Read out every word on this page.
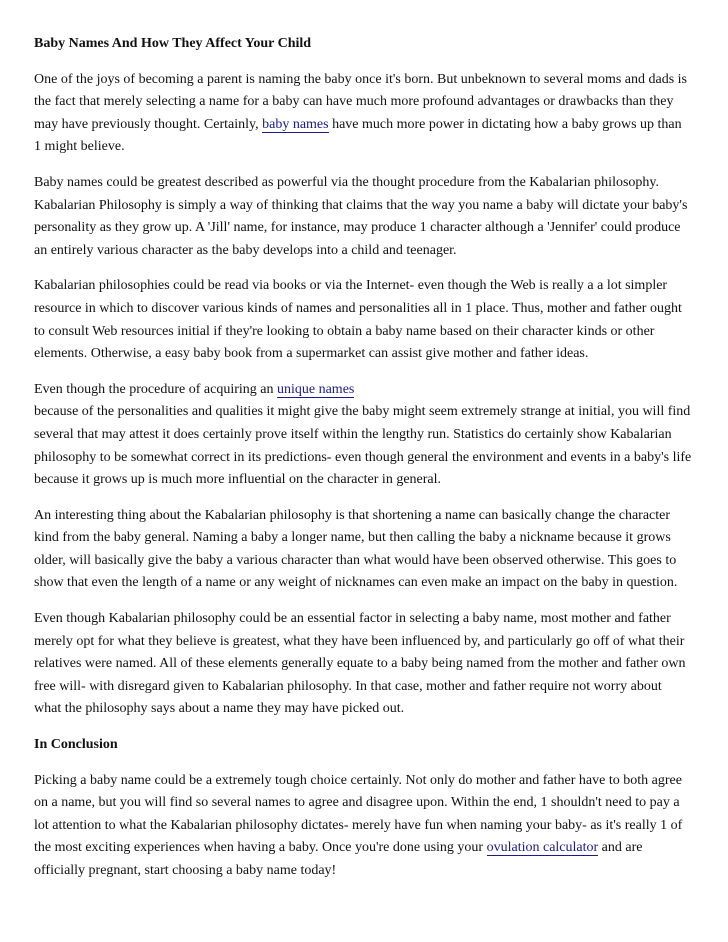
Baby Names And How They Affect Your Child

One of the joys of becoming a parent is naming the baby once it's born. But unbeknown to several moms and dads is the fact that merely selecting a name for a baby can have much more profound advantages or drawbacks than they may have previously thought. Certainly, baby names have much more power in dictating how a baby grows up than 1 might believe.

Baby names could be greatest described as powerful via the thought procedure from the Kabalarian philosophy. Kabalarian Philosophy is simply a way of thinking that claims that the way you name a baby will dictate your baby's personality as they grow up. A 'Jill' name, for instance, may produce 1 character although a 'Jennifer' could produce an entirely various character as the baby develops into a child and teenager.

Kabalarian philosophies could be read via books or via the Internet- even though the Web is really a a lot simpler resource in which to discover various kinds of names and personalities all in 1 place. Thus, mother and father ought to consult Web resources initial if they're looking to obtain a baby name based on their character kinds or other elements. Otherwise, a easy baby book from a supermarket can assist give mother and father ideas.

Even though the procedure of acquiring an unique names
because of the personalities and qualities it might give the baby might seem extremely strange at initial, you will find several that may attest it does certainly prove itself within the lengthy run. Statistics do certainly show Kabalarian philosophy to be somewhat correct in its predictions- even though general the environment and events in a baby's life because it grows up is much more influential on the character in general.

An interesting thing about the Kabalarian philosophy is that shortening a name can basically change the character kind from the baby general. Naming a baby a longer name, but then calling the baby a nickname because it grows older, will basically give the baby a various character than what would have been observed otherwise. This goes to show that even the length of a name or any weight of nicknames can even make an impact on the baby in question.

Even though Kabalarian philosophy could be an essential factor in selecting a baby name, most mother and father merely opt for what they believe is greatest, what they have been influenced by, and particularly go off of what their relatives were named. All of these elements generally equate to a baby being named from the mother and father own free will- with disregard given to Kabalarian philosophy. In that case, mother and father require not worry about what the philosophy says about a name they may have picked out.

In Conclusion

Picking a baby name could be a extremely tough choice certainly. Not only do mother and father have to both agree on a name, but you will find so several names to agree and disagree upon. Within the end, 1 shouldn't need to pay a lot attention to what the Kabalarian philosophy dictates- merely have fun when naming your baby- as it's really 1 of the most exciting experiences when having a baby. Once you're done using your ovulation calculator and are officially pregnant, start choosing a baby name today!
